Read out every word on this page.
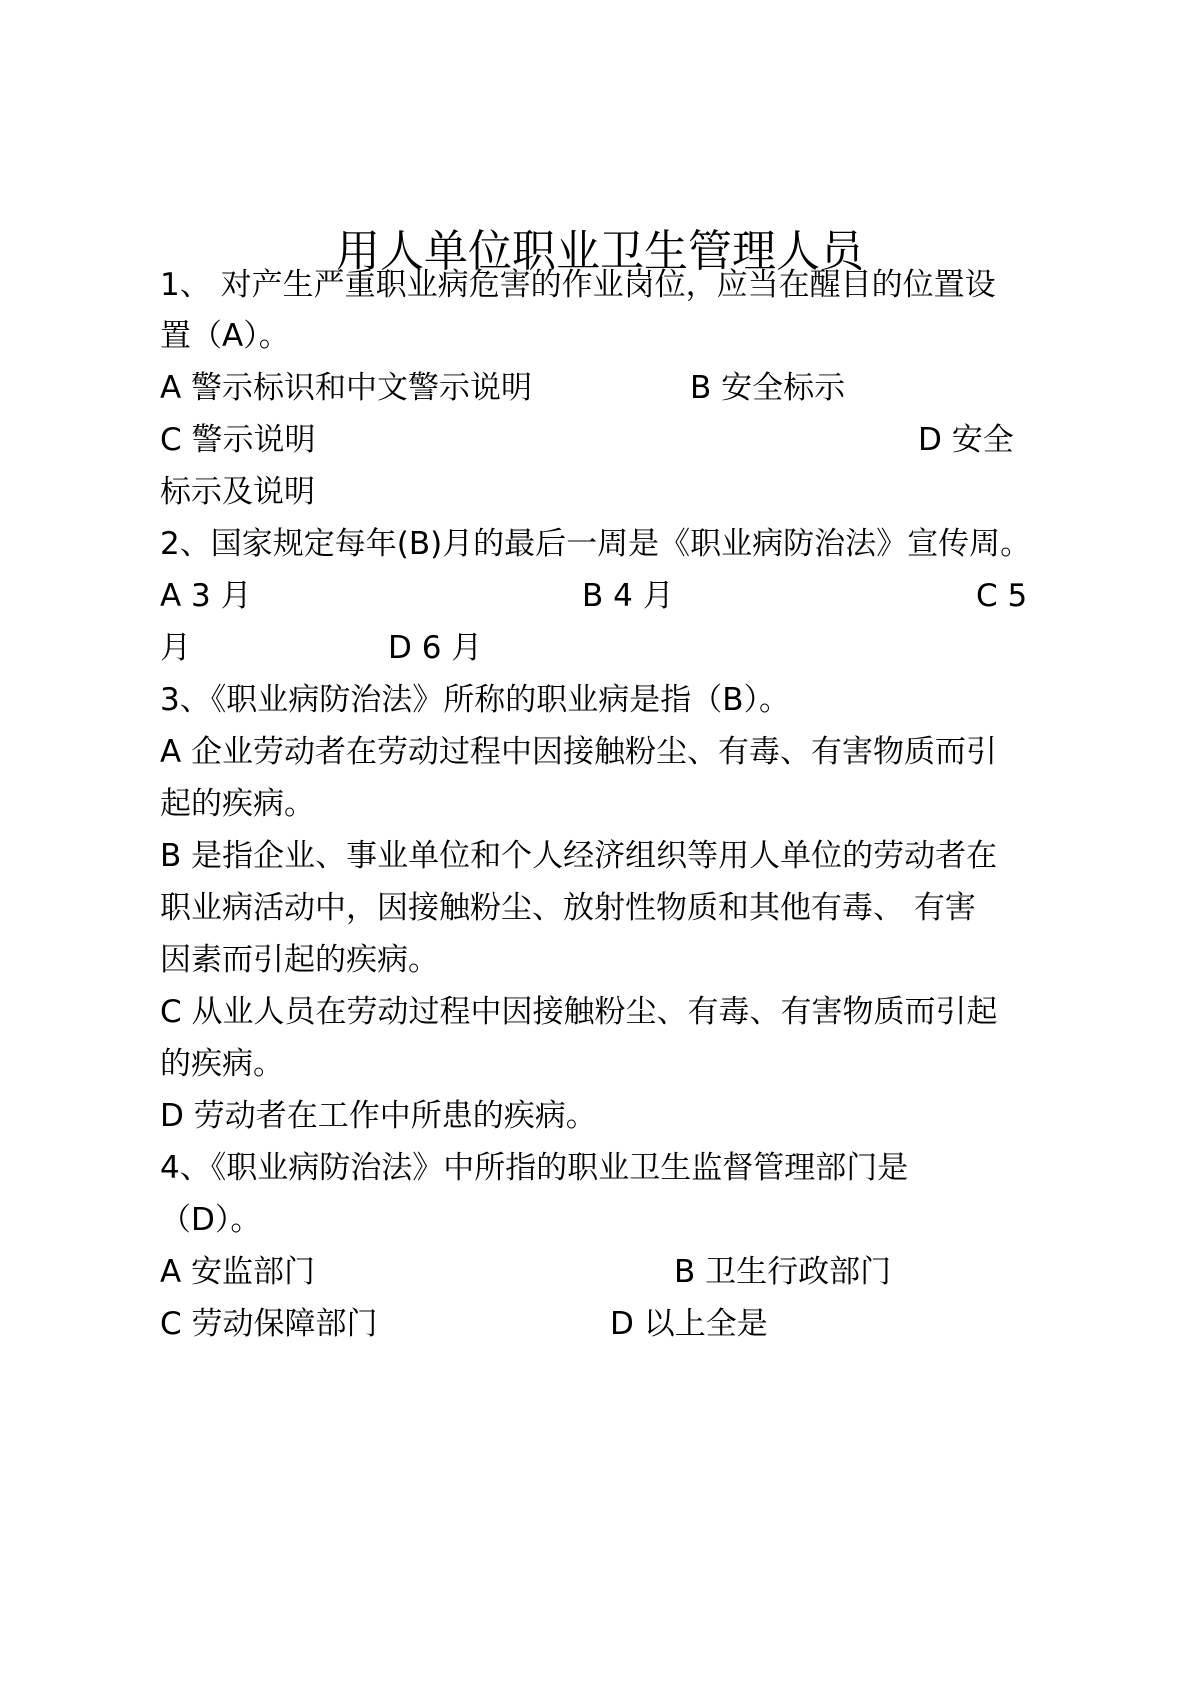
用人单位职业卫生管理人员
1、 对产生严重职业病危害的作业岗位，应当在醒目的位置设
置（A）。
A 警示标识和中文警示说明	B 安全标示
C 警示说明	D 安全
标示及说明
2、国家规定每年(B)月的最后一周是《职业病防治法》宣传周。
A 3 月	B 4 月	C 5
月	D 6 月
3、《职业病防治法》所称的职业病是指（B）。
A 企业劳动者在劳动过程中因接触粉尘、有毒、有害物质而引
起的疾病。
B 是指企业、事业单位和个人经济组织等用人单位的劳动者在
职业病活动中，因接触粉尘、放射性物质和其他有毒、 有害
因素而引起的疾病。
C 从业人员在劳动过程中因接触粉尘、有毒、有害物质而引起
的疾病。
D 劳动者在工作中所患的疾病。
4、《职业病防治法》中所指的职业卫生监督管理部门是
（D）。
A 安监部门	B 卫生行政部门
C 劳动保障部门	D 以上全是
